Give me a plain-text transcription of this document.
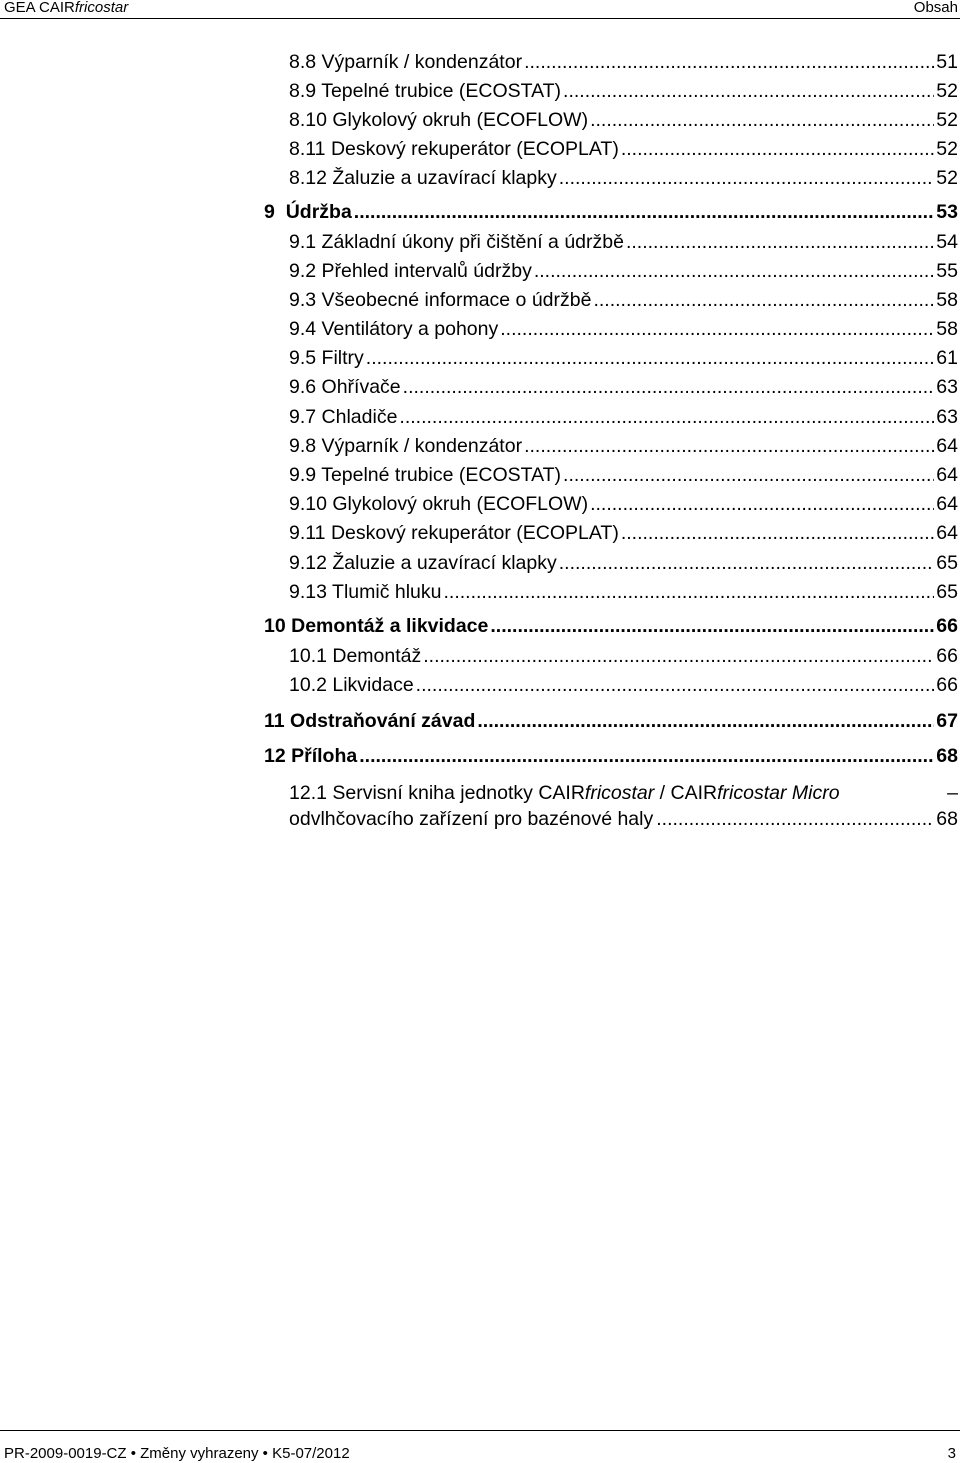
GEA CAIRfricostar	Obsah
8.8 Výparník / kondenzátor .....	51
8.9 Tepelné trubice (ECOSTAT) .....	52
8.10 Glykolový okruh (ECOFLOW) .....	52
8.11 Deskový rekuperátor (ECOPLAT) .....	52
8.12 Žaluzie a uzavírací klapky .....	52
9 Údržba .....	53
9.1 Základní úkony při čištění a údržbě .....	54
9.2 Přehled intervalů údržby .....	55
9.3 Všeobecné informace o údržbě .....	58
9.4 Ventilátory a pohony .....	58
9.5 Filtry .....	61
9.6 Ohřívače .....	63
9.7 Chladiče .....	63
9.8 Výparník / kondenzátor .....	64
9.9 Tepelné trubice (ECOSTAT) .....	64
9.10 Glykolový okruh (ECOFLOW) .....	64
9.11 Deskový rekuperátor (ECOPLAT) .....	64
9.12 Žaluzie a uzavírací klapky .....	65
9.13 Tlumič hluku .....	65
10 Demontáž a likvidace .....	66
10.1 Demontáž .....	66
10.2 Likvidace .....	66
11 Odstraňování závad .....	67
12 Příloha .....	68
12.1
Servisní kniha jednotky CAIR fricostar / CAIR fricostar Micro	–
odvlhčovacího zařízení pro bazénové haly .....	68
PR-2009-0019-CZ • Změny vyhrazeny • K5-07/2012	3
